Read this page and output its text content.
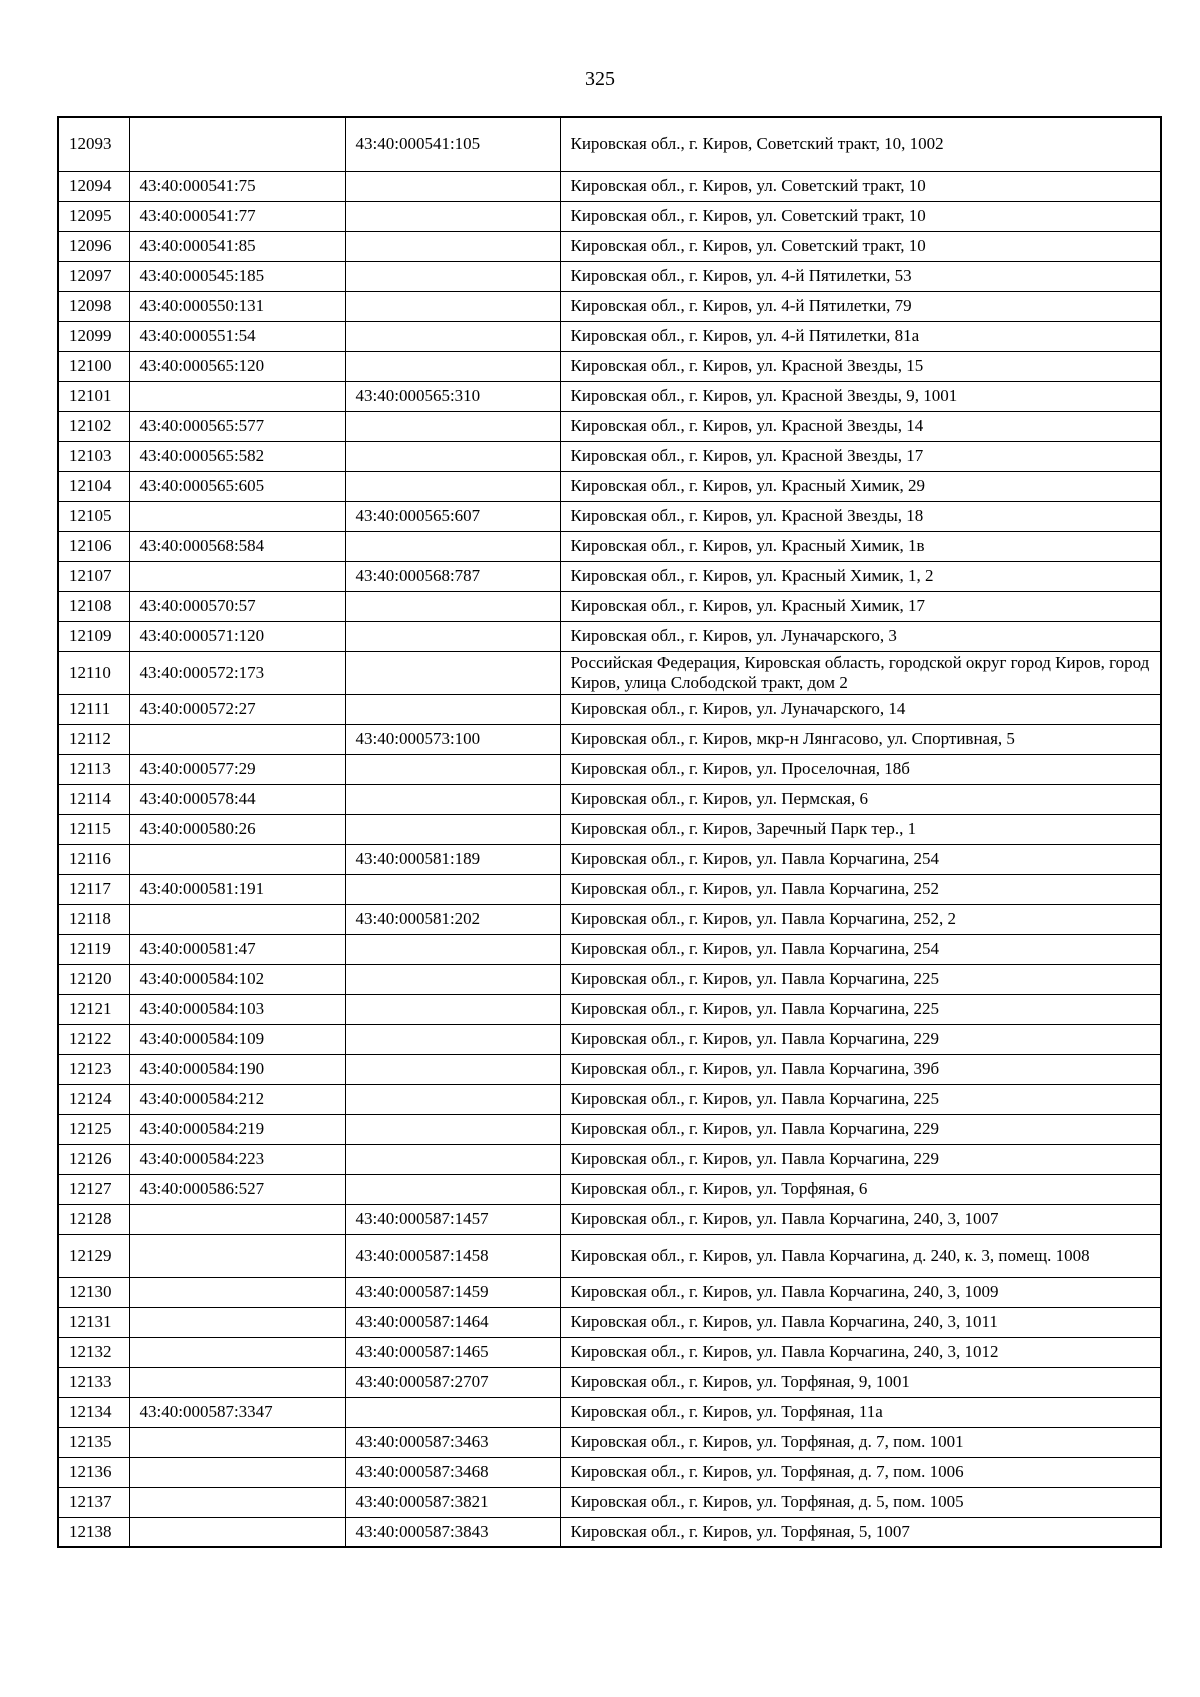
325
12093		43:40:000541:105	Кировская обл., г. Киров, Советский тракт, 10, 1002
12094	43:40:000541:75		Кировская обл., г. Киров, ул. Советский тракт, 10
12095	43:40:000541:77		Кировская обл., г. Киров, ул. Советский тракт, 10
12096	43:40:000541:85		Кировская обл., г. Киров, ул. Советский тракт, 10
12097	43:40:000545:185		Кировская обл., г. Киров, ул. 4-й Пятилетки, 53
12098	43:40:000550:131		Кировская обл., г. Киров, ул. 4-й Пятилетки, 79
12099	43:40:000551:54		Кировская обл., г. Киров, ул. 4-й Пятилетки, 81а
12100	43:40:000565:120		Кировская обл., г. Киров, ул. Красной Звезды, 15
12101		43:40:000565:310	Кировская обл., г. Киров, ул. Красной Звезды, 9, 1001
12102	43:40:000565:577		Кировская обл., г. Киров, ул. Красной Звезды, 14
12103	43:40:000565:582		Кировская обл., г. Киров, ул. Красной Звезды, 17
12104	43:40:000565:605		Кировская обл., г. Киров, ул. Красный Химик, 29
12105		43:40:000565:607	Кировская обл., г. Киров, ул. Красной Звезды, 18
12106	43:40:000568:584		Кировская обл., г. Киров, ул. Красный Химик, 1в
12107		43:40:000568:787	Кировская обл., г. Киров, ул. Красный Химик, 1, 2
12108	43:40:000570:57		Кировская обл., г. Киров, ул. Красный Химик, 17
12109	43:40:000571:120		Кировская обл., г. Киров, ул. Луначарского, 3
12110	43:40:000572:173		Российская Федерация, Кировская область, городской округ город Киров, город Киров, улица Слободской тракт, дом 2
12111	43:40:000572:27		Кировская обл., г. Киров, ул. Луначарского, 14
12112		43:40:000573:100	Кировская обл., г. Киров, мкр-н Лянгасово, ул. Спортивная, 5
12113	43:40:000577:29		Кировская обл., г. Киров, ул. Проселочная, 18б
12114	43:40:000578:44		Кировская обл., г. Киров, ул. Пермская, 6
12115	43:40:000580:26		Кировская обл., г. Киров, Заречный Парк тер., 1
12116		43:40:000581:189	Кировская обл., г. Киров, ул. Павла Корчагина, 254
12117	43:40:000581:191		Кировская обл., г. Киров, ул. Павла Корчагина, 252
12118		43:40:000581:202	Кировская обл., г. Киров, ул. Павла Корчагина, 252, 2
12119	43:40:000581:47		Кировская обл., г. Киров, ул. Павла Корчагина, 254
12120	43:40:000584:102		Кировская обл., г. Киров, ул. Павла Корчагина, 225
12121	43:40:000584:103		Кировская обл., г. Киров, ул. Павла Корчагина, 225
12122	43:40:000584:109		Кировская обл., г. Киров, ул. Павла Корчагина, 229
12123	43:40:000584:190		Кировская обл., г. Киров, ул. Павла Корчагина, 39б
12124	43:40:000584:212		Кировская обл., г. Киров, ул. Павла Корчагина, 225
12125	43:40:000584:219		Кировская обл., г. Киров, ул. Павла Корчагина, 229
12126	43:40:000584:223		Кировская обл., г. Киров, ул. Павла Корчагина, 229
12127	43:40:000586:527		Кировская обл., г. Киров, ул. Торфяная, 6
12128		43:40:000587:1457	Кировская обл., г. Киров, ул. Павла Корчагина, 240, 3, 1007
12129		43:40:000587:1458	Кировская обл., г. Киров, ул. Павла Корчагина, д. 240, к. 3, помещ. 1008
12130		43:40:000587:1459	Кировская обл., г. Киров, ул. Павла Корчагина, 240, 3, 1009
12131		43:40:000587:1464	Кировская обл., г. Киров, ул. Павла Корчагина, 240, 3, 1011
12132		43:40:000587:1465	Кировская обл., г. Киров, ул. Павла Корчагина, 240, 3, 1012
12133		43:40:000587:2707	Кировская обл., г. Киров, ул. Торфяная, 9, 1001
12134	43:40:000587:3347		Кировская обл., г. Киров, ул. Торфяная, 11а
12135		43:40:000587:3463	Кировская обл., г. Киров, ул. Торфяная, д. 7, пом. 1001
12136		43:40:000587:3468	Кировская обл., г. Киров, ул. Торфяная, д. 7, пом. 1006
12137		43:40:000587:3821	Кировская обл., г. Киров, ул. Торфяная, д. 5, пом. 1005
12138		43:40:000587:3843	Кировская обл., г. Киров, ул. Торфяная, 5, 1007
